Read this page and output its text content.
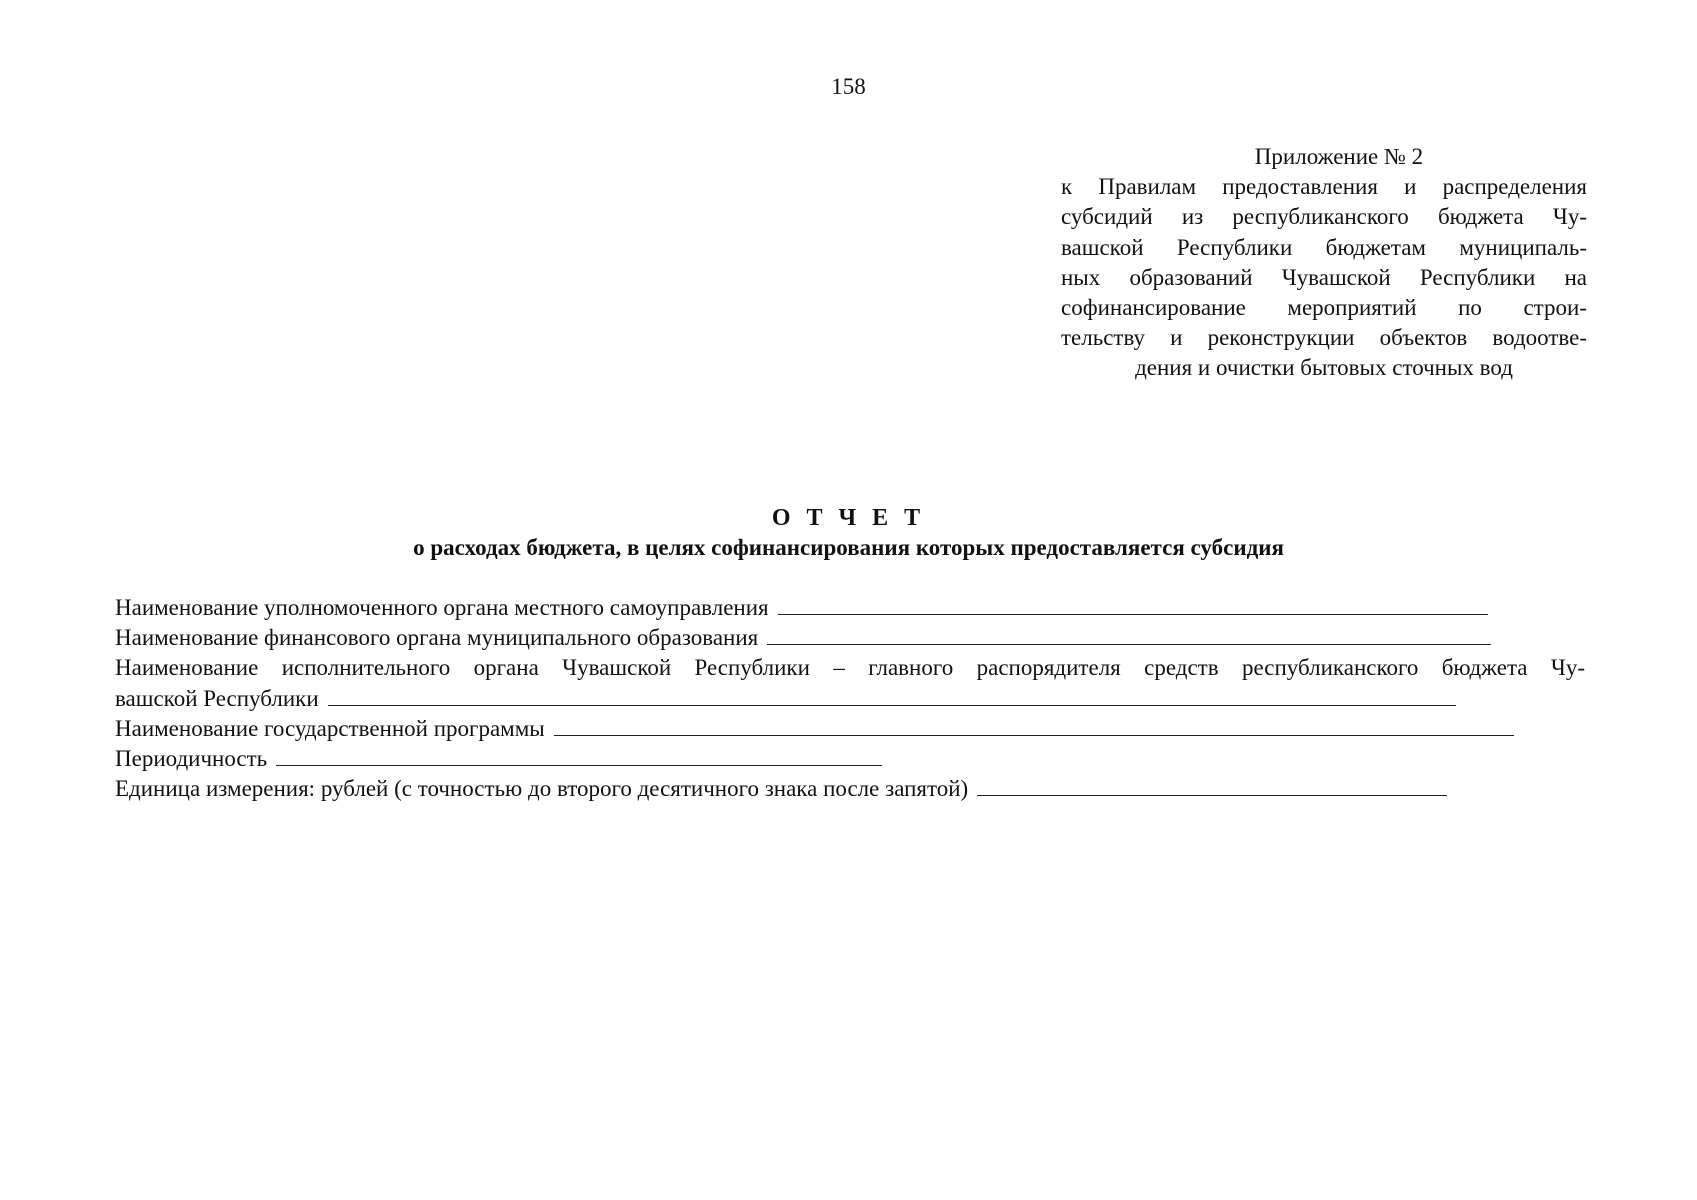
158
Приложение № 2
к Правилам предоставления и распределения
субсидий из республиканского бюджета Чу-
вашской Республики бюджетам муниципаль-
ных образований Чувашской Республики на
софинансирование мероприятий по строи-
тельству и реконструкции объектов водоотве-
дения и очистки бытовых сточных вод
О Т Ч Е Т
о расходах бюджета, в целях софинансирования которых предоставляется субсидия
Наименование уполномоченного органа местного самоуправления
Наименование финансового органа муниципального образования
Наименование исполнительного органа Чувашской Республики – главного распорядителя средств республиканского бюджета Чу-
вашской Республики
Наименование государственной программы
Периодичность
Единица измерения: рублей (с точностью до второго десятичного знака после запятой)
